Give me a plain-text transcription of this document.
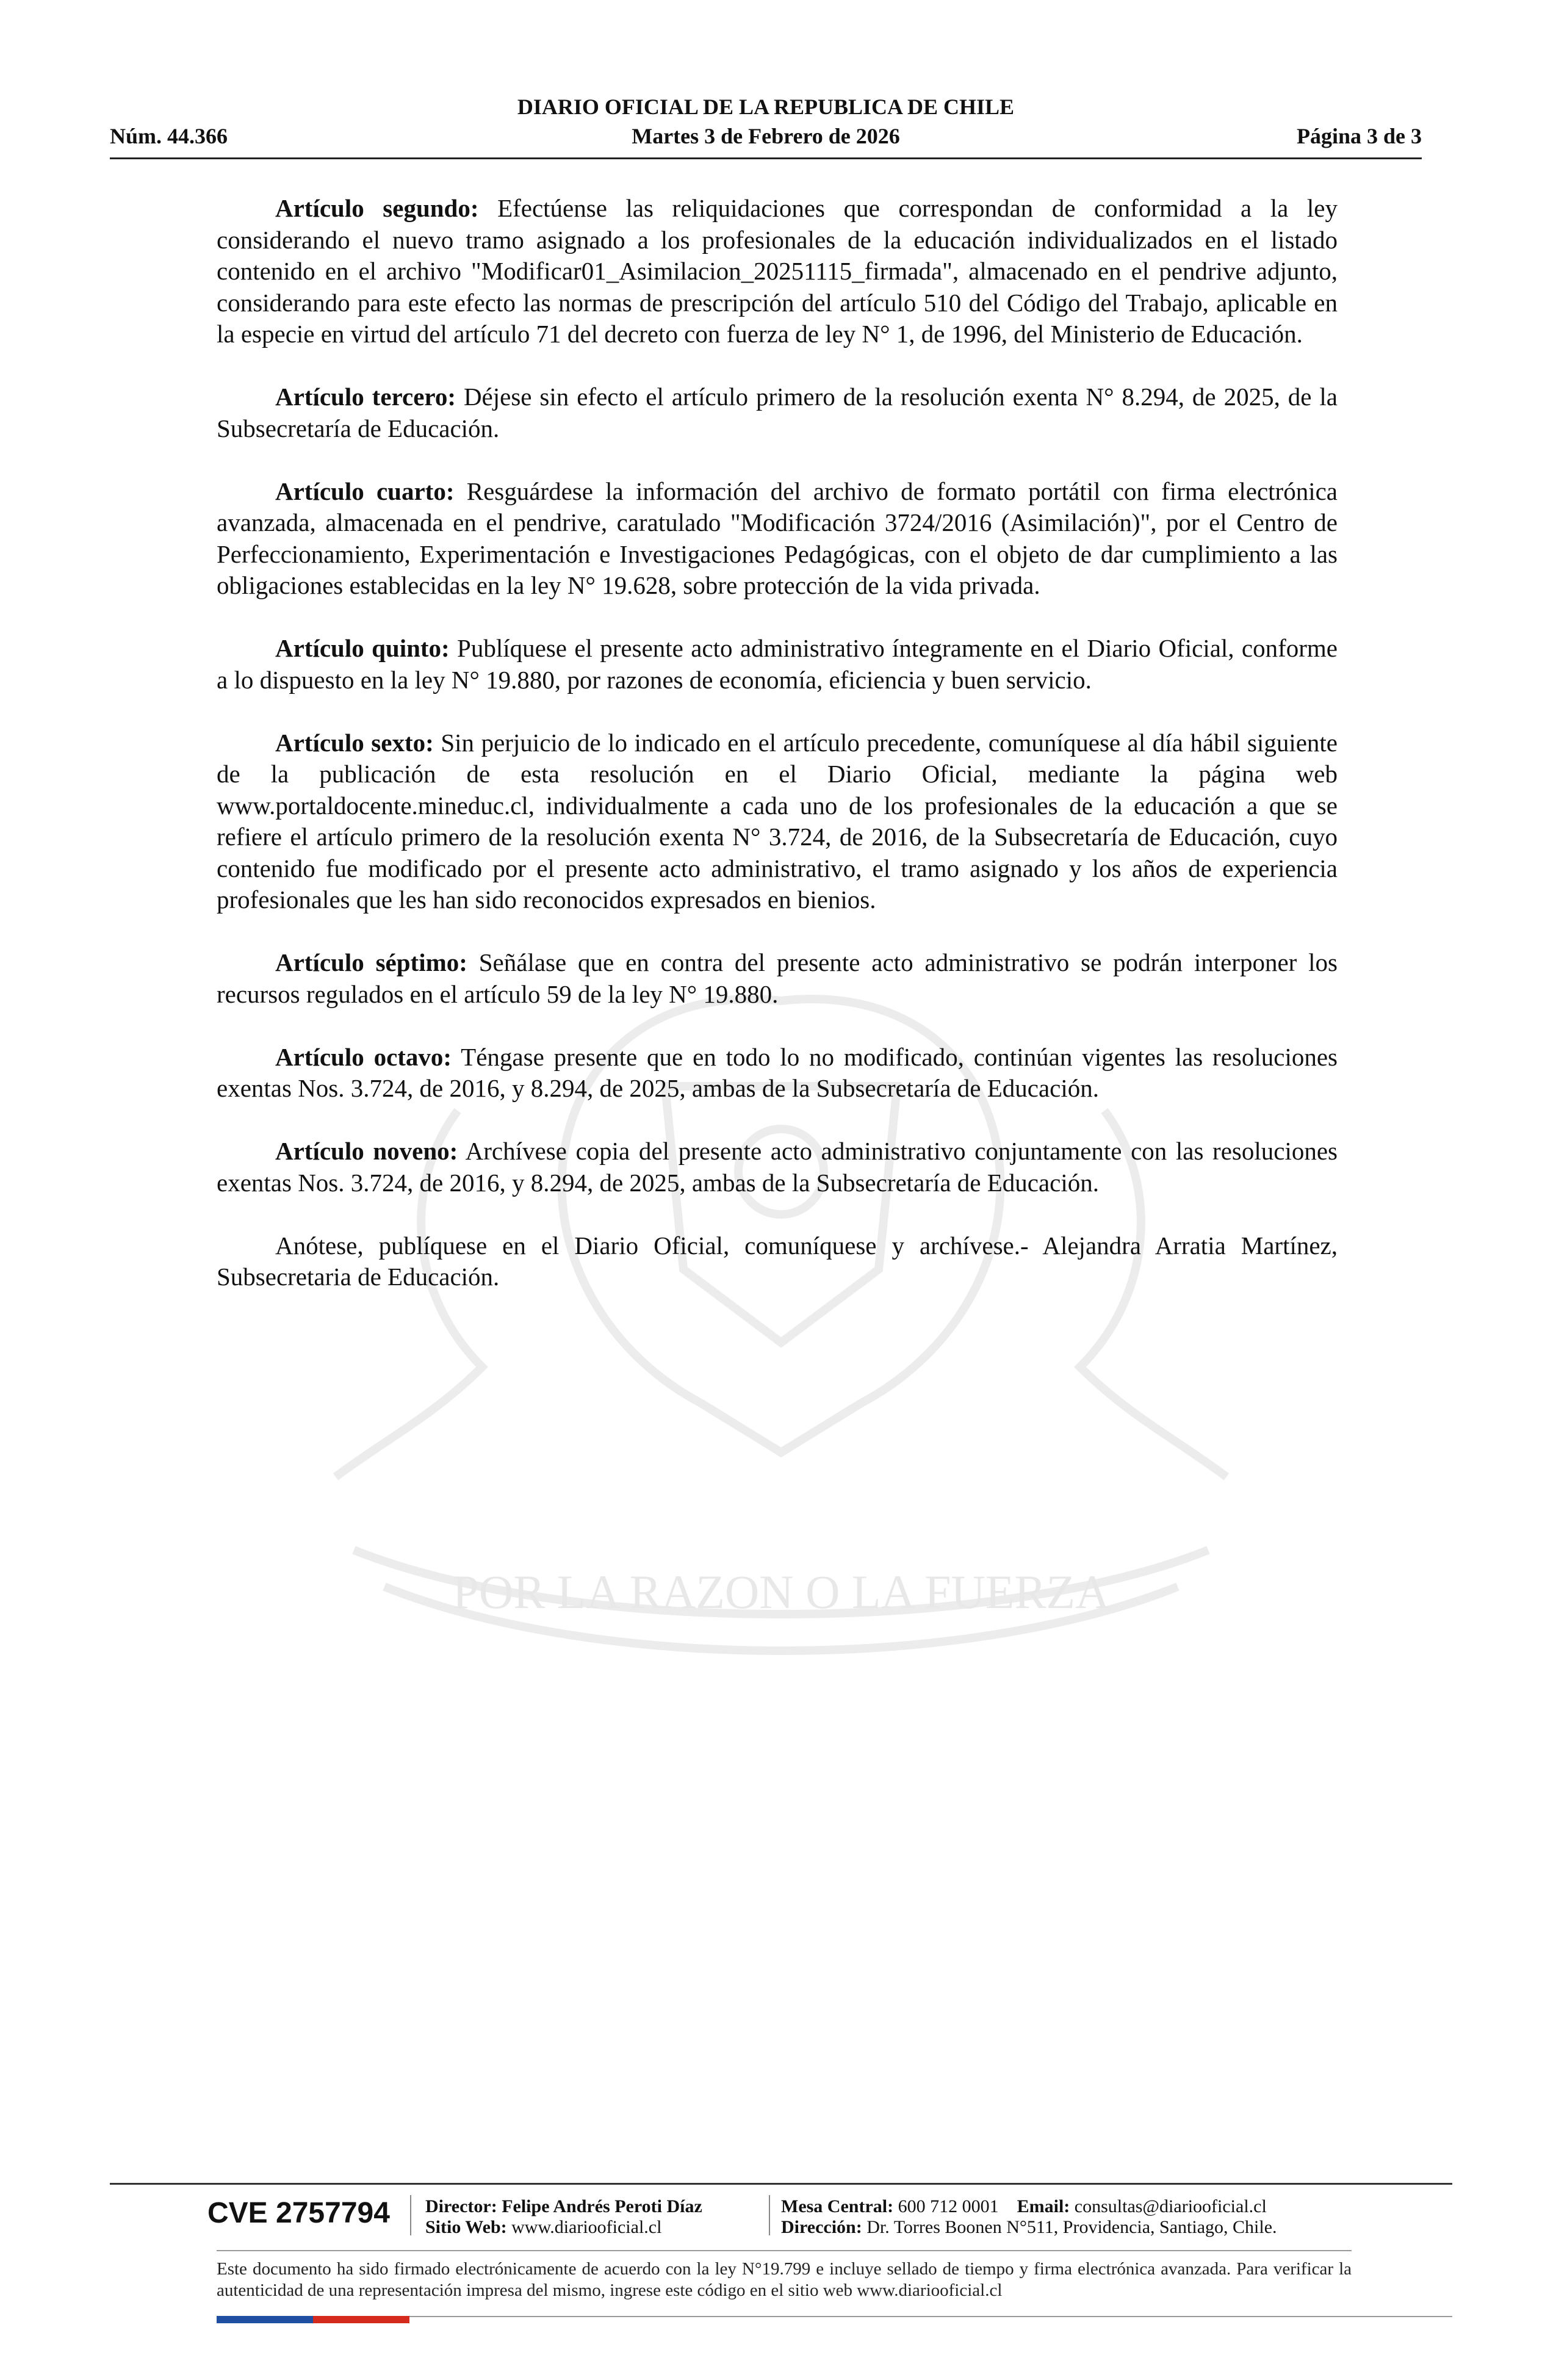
POR LA RAZON O LA FUERZA
DIARIO OFICIAL DE LA REPUBLICA DE CHILE
Núm. 44.366	Martes 3 de Febrero de 2026	Página 3 de 3

Artículo segundo: Efectúense las reliquidaciones que correspondan de conformidad a la ley considerando el nuevo tramo asignado a los profesionales de la educación individualizados en el listado contenido en el archivo "Modificar01_Asimilacion_20251115_firmada", almacenado en el pendrive adjunto, considerando para este efecto las normas de prescripción del artículo 510 del Código del Trabajo, aplicable en la especie en virtud del artículo 71 del decreto con fuerza de ley N° 1, de 1996, del Ministerio de Educación.

Artículo tercero: Déjese sin efecto el artículo primero de la resolución exenta N° 8.294, de 2025, de la Subsecretaría de Educación.

Artículo cuarto: Resguárdese la información del archivo de formato portátil con firma electrónica avanzada, almacenada en el pendrive, caratulado "Modificación 3724/2016 (Asimilación)", por el Centro de Perfeccionamiento, Experimentación e Investigaciones Pedagógicas, con el objeto de dar cumplimiento a las obligaciones establecidas en la ley N° 19.628, sobre protección de la vida privada.

Artículo quinto: Publíquese el presente acto administrativo íntegramente en el Diario Oficial, conforme a lo dispuesto en la ley N° 19.880, por razones de economía, eficiencia y buen servicio.

Artículo sexto: Sin perjuicio de lo indicado en el artículo precedente, comuníquese al día hábil siguiente de la publicación de esta resolución en el Diario Oficial, mediante la página web www.portaldocente.mineduc.cl, individualmente a cada uno de los profesionales de la educación a que se refiere el artículo primero de la resolución exenta N° 3.724, de 2016, de la Subsecretaría de Educación, cuyo contenido fue modificado por el presente acto administrativo, el tramo asignado y los años de experiencia profesionales que les han sido reconocidos expresados en bienios.

Artículo séptimo: Señálase que en contra del presente acto administrativo se podrán interponer los recursos regulados en el artículo 59 de la ley N° 19.880.

Artículo octavo: Téngase presente que en todo lo no modificado, continúan vigentes las resoluciones exentas Nos. 3.724, de 2016, y 8.294, de 2025, ambas de la Subsecretaría de Educación.

Artículo noveno: Archívese copia del presente acto administrativo conjuntamente con las resoluciones exentas Nos. 3.724, de 2016, y 8.294, de 2025, ambas de la Subsecretaría de Educación.

Anótese, publíquese en el Diario Oficial, comuníquese y archívese.- Alejandra Arratia Martínez, Subsecretaria de Educación.

CVE 2757794 Director: Felipe Andrés Peroti Díaz
Sitio Web: www.diariooficial.cl
Mesa Central: 600 712 0001 Email: consultas@diariooficial.cl
Dirección: Dr. Torres Boonen N°511, Providencia, Santiago, Chile.
Este documento ha sido firmado electrónicamente de acuerdo con la ley N°19.799 e incluye sellado de tiempo y firma electrónica avanzada. Para verificar la autenticidad de una representación impresa del mismo, ingrese este código en el sitio web www.diariooficial.cl
